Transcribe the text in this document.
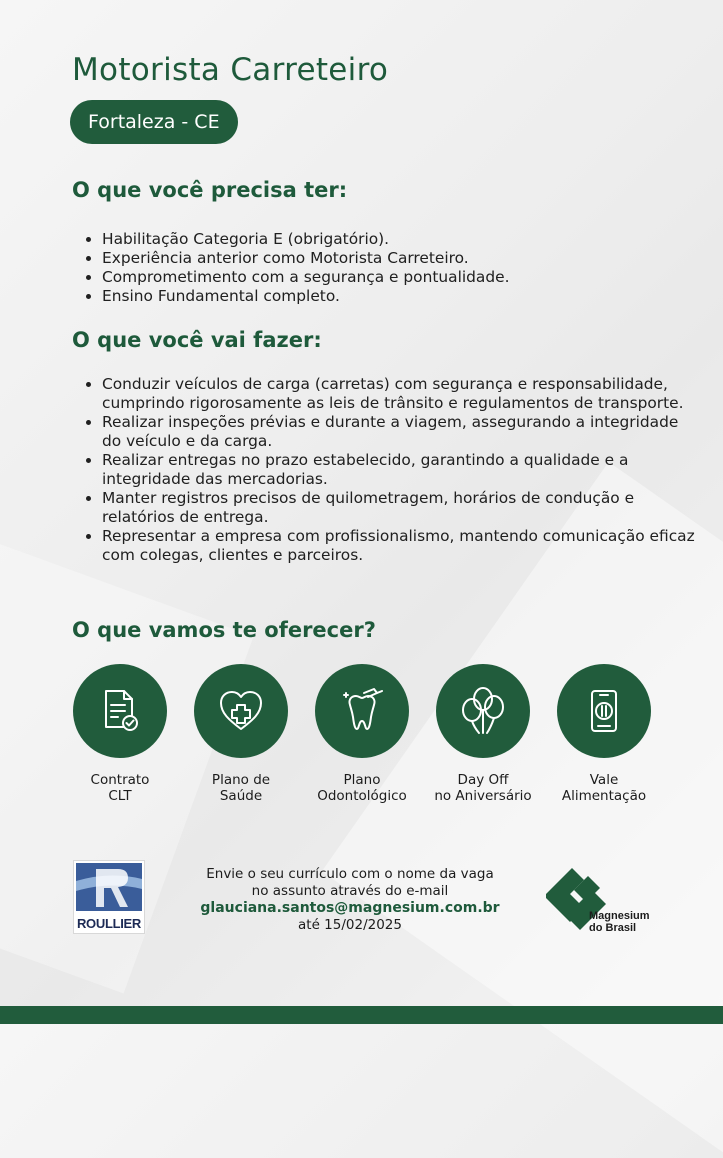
Motorista Carreteiro
Fortaleza - CE
O que você precisa ter:
• Habilitação Categoria E (obrigatório).
• Experiência anterior como Motorista Carreteiro.
• Comprometimento com a segurança e pontualidade.
• Ensino Fundamental completo.
O que você vai fazer:
• Conduzir veículos de carga (carretas) com segurança e responsabilidade, cumprindo rigorosamente as leis de trânsito e regulamentos de transporte.
• Realizar inspeções prévias e durante a viagem, assegurando a integridade do veículo e da carga.
• Realizar entregas no prazo estabelecido, garantindo a qualidade e a integridade das mercadorias.
• Manter registros precisos de quilometragem, horários de condução e relatórios de entrega.
• Representar a empresa com profissionalismo, mantendo comunicação eficaz com colegas, clientes e parceiros.
O que vamos te oferecer?
Contrato
CLT
Plano de
Saúde
Plano
Odontológico
Day Off
no Aniversário
Vale
Alimentação
ROULLIER
Envie o seu currículo com o nome da vaga
no assunto através do e-mail
glauciana.santos@magnesium.com.br
até 15/02/2025
Magnesium
do Brasil
